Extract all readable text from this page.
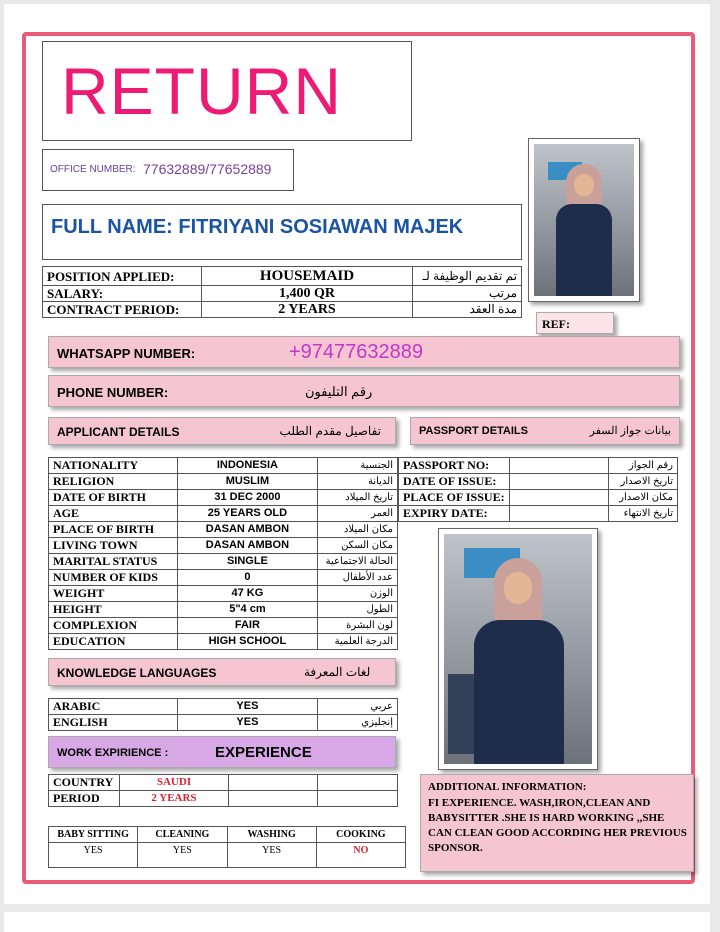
RETURN
OFFICE NUMBER: 77632889/77652889
FULL NAME: FITRIYANI SOSIAWAN MAJEK
POSITION APPLIED:	HOUSEMAID	تم تقديم الوظيفة لـ
SALARY:	1,400 QR	مرتب
CONTRACT PERIOD:	2 YEARS	مدة العقد
REF:
WHATSAPP NUMBER:	+97477632889
PHONE NUMBER:	رقم التليفون
APPLICANT DETAILS	تفاصيل مقدم الطلب	PASSPORT DETAILS	بيانات جواز السفر
NATIONALITY	INDONESIA	الجنسية
RELIGION	MUSLIM	الديانة
DATE OF BIRTH	31 DEC 2000	تاريخ الميلاد
AGE	25 YEARS OLD	العمر
PLACE OF BIRTH	DASAN AMBON	مكان الميلاد
LIVING TOWN	DASAN AMBON	مكان السكن
MARITAL STATUS	SINGLE	الحالة الاجتماعية
NUMBER OF KIDS	0	عدد الأطفال
WEIGHT	47 KG	الوزن
HEIGHT	5"4 cm	الطول
COMPLEXION	FAIR	لون البشرة
EDUCATION	HIGH SCHOOL	الدرجة العلمية
PASSPORT NO:		رقم الجواز
DATE OF ISSUE:		تاريخ الاصدار
PLACE OF ISSUE:		مكان الاصدار
EXPIRY DATE:		تاريخ الانتهاء
KNOWLEDGE LANGUAGES	لغات المعرفة
ARABIC	YES	عربي
ENGLISH	YES	إنجليزي
WORK EXPIRIENCE :	EXPERIENCE
COUNTRY	SAUDI		
PERIOD	2 YEARS		
BABY SITTING	CLEANING	WASHING	COOKING
YES	YES	YES	NO
ADDITIONAL INFORMATION:
FI EXPERIENCE. WASH,IRON,CLEAN AND BABYSITTER .SHE IS HARD WORKING ,,SHE CAN CLEAN GOOD ACCORDING HER PREVIOUS SPONSOR.
